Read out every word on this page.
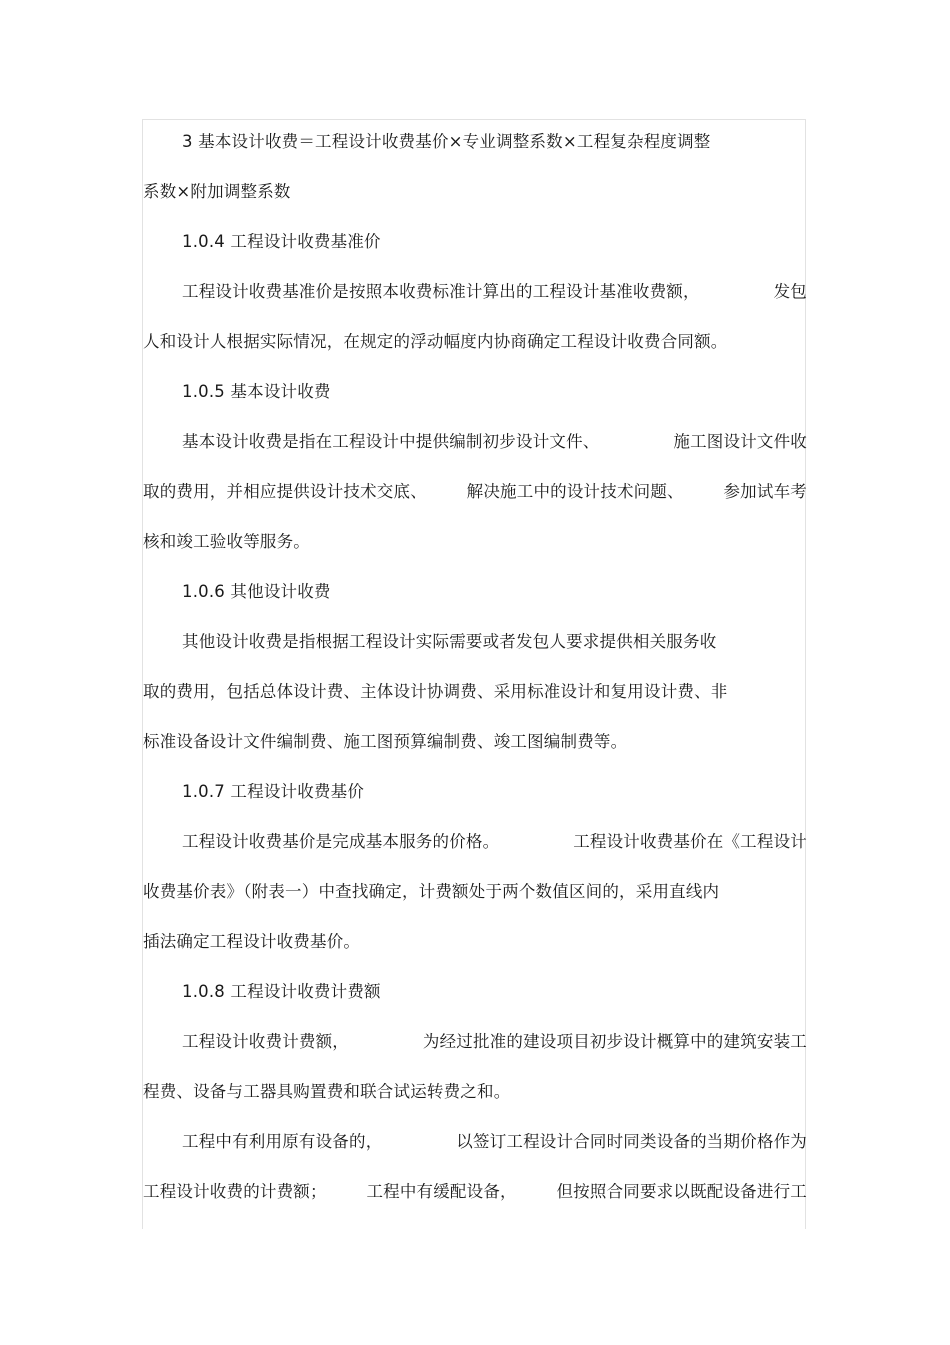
3 基本设计收费＝工程设计收费基价×专业调整系数×工程复杂程度调整
系数×附加调整系数
1.0.4 工程设计收费基准价
工程设计收费基准价是按照本收费标准计算出的工程设计基准收费额，	发包
人和设计人根据实际情况，在规定的浮动幅度内协商确定工程设计收费合同额。
1.0.5 基本设计收费
基本设计收费是指在工程设计中提供编制初步设计文件、	施工图设计文件收
取的费用，并相应提供设计技术交底、 解决施工中的设计技术问题、 参加试车考
核和竣工验收等服务。
1.0.6 其他设计收费
其他设计收费是指根据工程设计实际需要或者发包人要求提供相关服务收
取的费用，包括总体设计费、主体设计协调费、采用标准设计和复用设计费、非
标准设备设计文件编制费、施工图预算编制费、竣工图编制费等。
1.0.7 工程设计收费基价
工程设计收费基价是完成基本服务的价格。	工程设计收费基价在《工程设计
收费基价表》（附表一）中查找确定，计费额处于两个数值区间的，采用直线内
插法确定工程设计收费基价。
1.0.8 工程设计收费计费额
工程设计收费计费额，	为经过批准的建设项目初步设计概算中的建筑安装工
程费、设备与工器具购置费和联合试运转费之和。
工程中有利用原有设备的，	以签订工程设计合同时同类设备的当期价格作为
工程设计收费的计费额； 工程中有缓配设备， 但按照合同要求以既配设备进行工
